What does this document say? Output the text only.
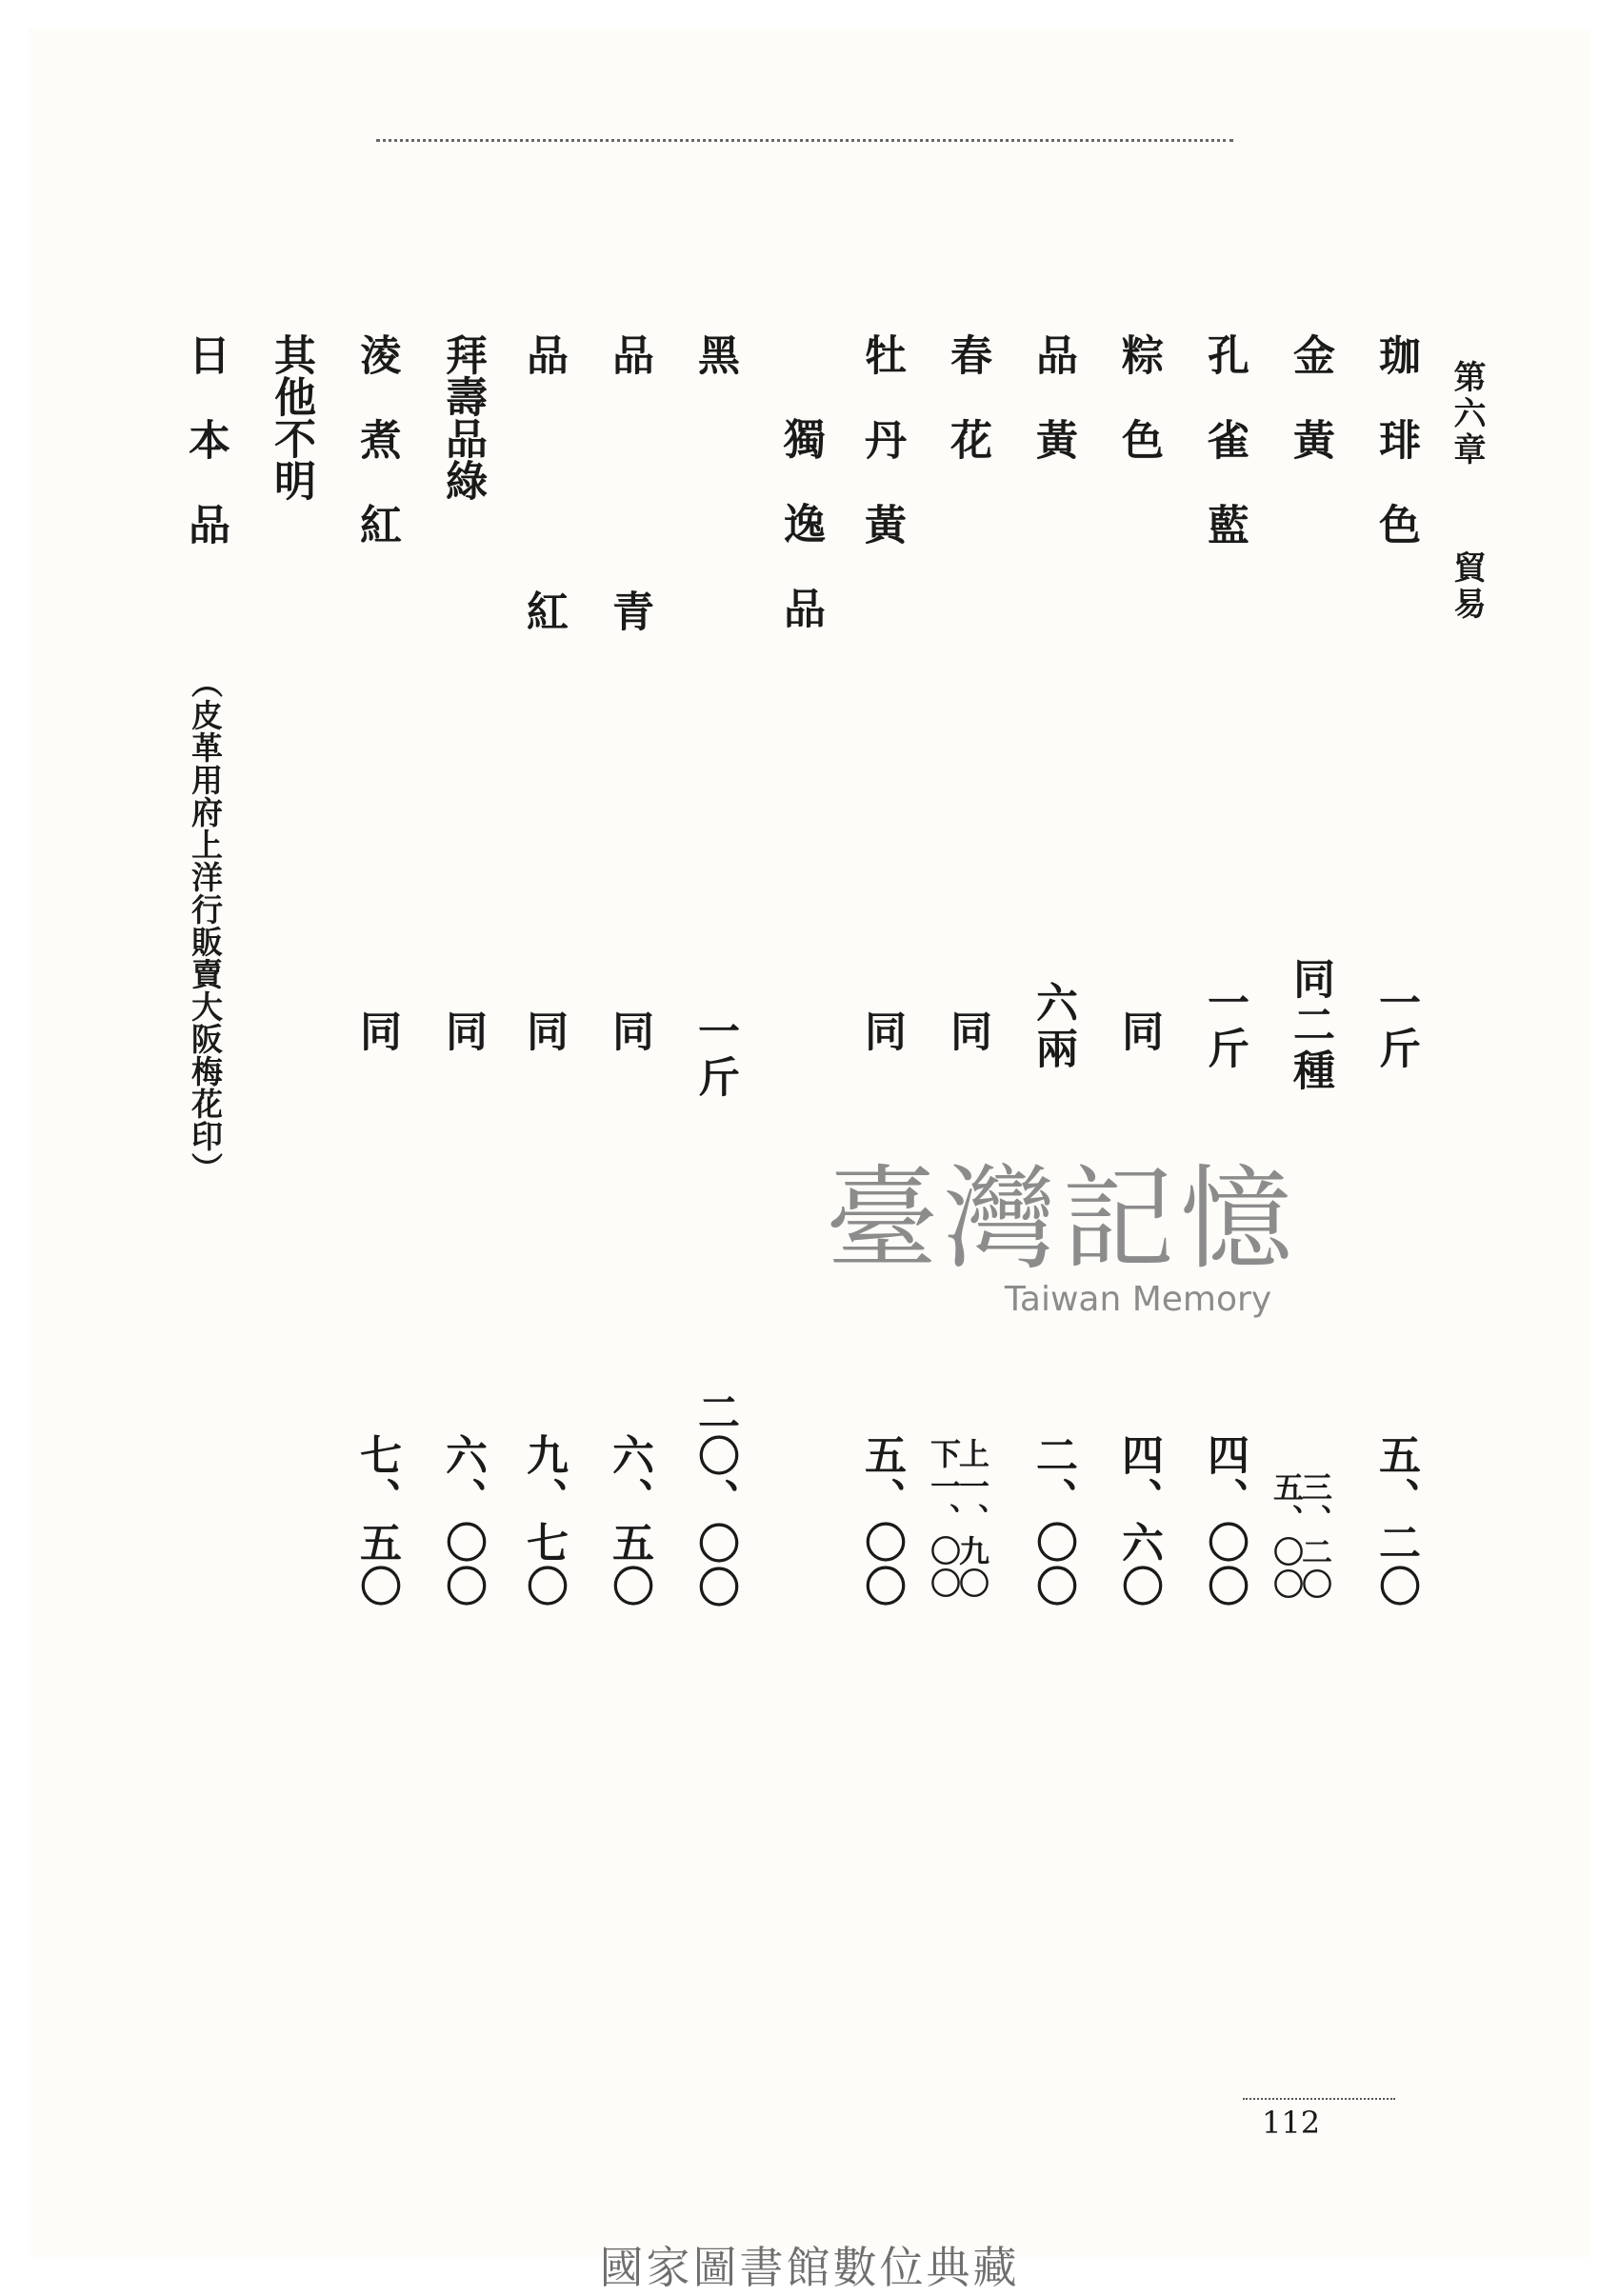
第六章 貿易
珈琲色
一斤
五、二〇
金黃
同二種
三、二〇
五、〇〇
孔雀藍
一斤
四、〇〇
粽色
同
四、六〇
品黃
六兩
二、〇〇
春花
同
上一、九〇
下一、〇〇
牡丹黃
同
五、〇〇
獨逸品
黑
一斤
二〇、〇〇
品青
同
六、五〇
品紅
同
九、七〇
拜壽品綠
同
六、〇〇
淩煮紅
同
七、五〇
其他不明
日本品
（皮革用府上洋行販賣大阪梅花印）
臺灣記憶
Taiwan Memory
112
國家圖書館數位典藏
